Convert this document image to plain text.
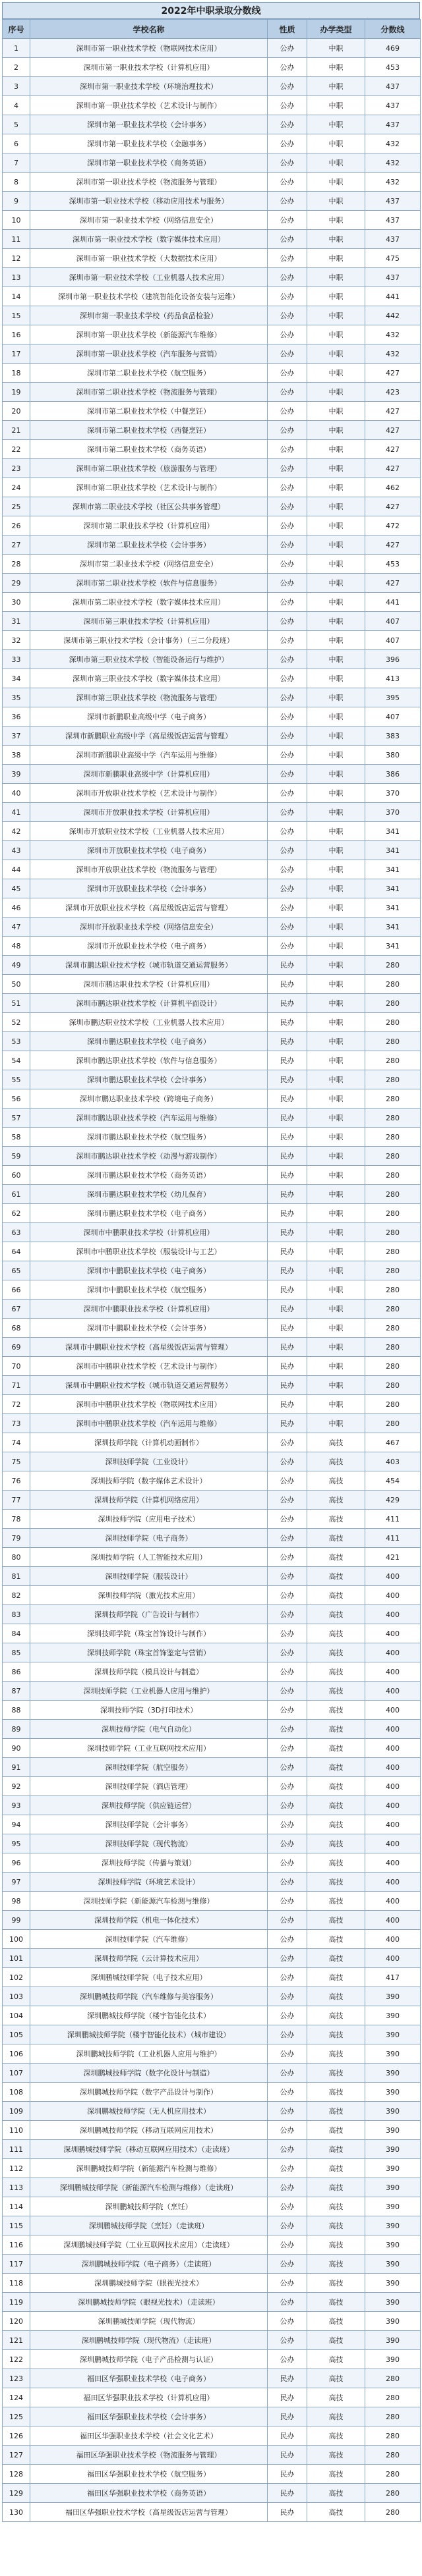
2022年中职录取分数线
序号	学校名称	性质	办学类型	分数线
1	深圳市第一职业技术学校（物联网技术应用）	公办	中职	469
2	深圳市第一职业技术学校（计算机应用）	公办	中职	453
3	深圳市第一职业技术学校（环境治理技术）	公办	中职	437
4	深圳市第一职业技术学校（艺术设计与制作）	公办	中职	437
5	深圳市第一职业技术学校（会计事务）	公办	中职	437
6	深圳市第一职业技术学校（金融事务）	公办	中职	432
7	深圳市第一职业技术学校（商务英语）	公办	中职	432
8	深圳市第一职业技术学校（物流服务与管理）	公办	中职	432
9	深圳市第一职业技术学校（移动应用技术与服务）	公办	中职	437
10	深圳市第一职业技术学校（网络信息安全）	公办	中职	437
11	深圳市第一职业技术学校（数字媒体技术应用）	公办	中职	437
12	深圳市第一职业技术学校（大数据技术应用）	公办	中职	475
13	深圳市第一职业技术学校（工业机器人技术应用）	公办	中职	437
14	深圳市第一职业技术学校（建筑智能化设备安装与运维）	公办	中职	441
15	深圳市第一职业技术学校（药品食品检验）	公办	中职	442
16	深圳市第一职业技术学校（新能源汽车维修）	公办	中职	432
17	深圳市第一职业技术学校（汽车服务与营销）	公办	中职	432
18	深圳市第二职业技术学校（航空服务）	公办	中职	427
19	深圳市第二职业技术学校（物流服务与管理）	公办	中职	423
20	深圳市第二职业技术学校（中餐烹饪）	公办	中职	427
21	深圳市第二职业技术学校（西餐烹饪）	公办	中职	427
22	深圳市第二职业技术学校（商务英语）	公办	中职	427
23	深圳市第二职业技术学校（旅游服务与管理）	公办	中职	427
24	深圳市第二职业技术学校（艺术设计与制作）	公办	中职	462
25	深圳市第二职业技术学校（社区公共事务管理）	公办	中职	427
26	深圳市第二职业技术学校（计算机应用）	公办	中职	472
27	深圳市第二职业技术学校（会计事务）	公办	中职	427
28	深圳市第二职业技术学校（网络信息安全）	公办	中职	453
29	深圳市第二职业技术学校（软件与信息服务）	公办	中职	427
30	深圳市第二职业技术学校（数字媒体技术应用）	公办	中职	441
31	深圳市第三职业技术学校（计算机应用）	公办	中职	407
32	深圳市第三职业技术学校（会计事务）（三二分段班）	公办	中职	407
33	深圳市第三职业技术学校（智能设备运行与维护）	公办	中职	396
34	深圳市第三职业技术学校（数字媒体技术应用）	公办	中职	413
35	深圳市第三职业技术学校（物流服务与管理）	公办	中职	395
36	深圳市新鹏职业高级中学（电子商务）	公办	中职	407
37	深圳市新鹏职业高级中学（高星级饭店运营与管理）	公办	中职	383
38	深圳市新鹏职业高级中学（汽车运用与维修）	公办	中职	380
39	深圳市新鹏职业高级中学（计算机应用）	公办	中职	386
40	深圳市开放职业技术学校（艺术设计与制作）	公办	中职	370
41	深圳市开放职业技术学校（计算机应用）	公办	中职	370
42	深圳市开放职业技术学校（工业机器人技术应用）	公办	中职	341
43	深圳市开放职业技术学校（电子商务）	公办	中职	341
44	深圳市开放职业技术学校（物流服务与管理）	公办	中职	341
45	深圳市开放职业技术学校（会计事务）	公办	中职	341
46	深圳市开放职业技术学校（高星级饭店运营与管理）	公办	中职	341
47	深圳市开放职业技术学校（网络信息安全）	公办	中职	341
48	深圳市开放职业技术学校（电子商务）	公办	中职	341
49	深圳市鹏达职业技术学校（城市轨道交通运营服务）	民办	中职	280
50	深圳市鹏达职业技术学校（计算机应用）	民办	中职	280
51	深圳市鹏达职业技术学校（计算机平面设计）	民办	中职	280
52	深圳市鹏达职业技术学校（工业机器人技术应用）	民办	中职	280
53	深圳市鹏达职业技术学校（电子商务）	民办	中职	280
54	深圳市鹏达职业技术学校（软件与信息服务）	民办	中职	280
55	深圳市鹏达职业技术学校（会计事务）	民办	中职	280
56	深圳市鹏达职业技术学校（跨境电子商务）	民办	中职	280
57	深圳市鹏达职业技术学校（汽车运用与维修）	民办	中职	280
58	深圳市鹏达职业技术学校（航空服务）	民办	中职	280
59	深圳市鹏达职业技术学校（动漫与游戏制作）	民办	中职	280
60	深圳市鹏达职业技术学校（商务英语）	民办	中职	280
61	深圳市鹏达职业技术学校（幼儿保育）	民办	中职	280
62	深圳市鹏达职业技术学校（电子商务）	民办	中职	280
63	深圳市中鹏职业技术学校（计算机应用）	民办	中职	280
64	深圳市中鹏职业技术学校（服装设计与工艺）	民办	中职	280
65	深圳市中鹏职业技术学校（电子商务）	民办	中职	280
66	深圳市中鹏职业技术学校（航空服务）	民办	中职	280
67	深圳市中鹏职业技术学校（计算机应用）	民办	中职	280
68	深圳市中鹏职业技术学校（会计事务）	民办	中职	280
69	深圳市中鹏职业技术学校（高星级饭店运营与管理）	民办	中职	280
70	深圳市中鹏职业技术学校（艺术设计与制作）	民办	中职	280
71	深圳市中鹏职业技术学校（城市轨道交通运营服务）	民办	中职	280
72	深圳市中鹏职业技术学校（物联网技术应用）	民办	中职	280
73	深圳市中鹏职业技术学校（汽车运用与维修）	民办	中职	280
74	深圳技师学院（计算机动画制作）	公办	高技	467
75	深圳技师学院（工业设计）	公办	高技	403
76	深圳技师学院（数字媒体艺术设计）	公办	高技	454
77	深圳技师学院（计算机网络应用）	公办	高技	429
78	深圳技师学院（应用电子技术）	公办	高技	411
79	深圳技师学院（电子商务）	公办	高技	411
80	深圳技师学院（人工智能技术应用）	公办	高技	421
81	深圳技师学院（服装设计）	公办	高技	400
82	深圳技师学院（激光技术应用）	公办	高技	400
83	深圳技师学院（广告设计与制作）	公办	高技	400
84	深圳技师学院（珠宝首饰设计与制作）	公办	高技	400
85	深圳技师学院（珠宝首饰鉴定与营销）	公办	高技	400
86	深圳技师学院（模具设计与制造）	公办	高技	400
87	深圳技师学院（工业机器人应用与维护）	公办	高技	400
88	深圳技师学院（3D打印技术）	公办	高技	400
89	深圳技师学院（电气自动化）	公办	高技	400
90	深圳技师学院（工业互联网技术应用）	公办	高技	400
91	深圳技师学院（航空服务）	公办	高技	400
92	深圳技师学院（酒店管理）	公办	高技	400
93	深圳技师学院（供应链运营）	公办	高技	400
94	深圳技师学院（会计事务）	公办	高技	400
95	深圳技师学院（现代物流）	公办	高技	400
96	深圳技师学院（传播与策划）	公办	高技	400
97	深圳技师学院（环境艺术设计）	公办	高技	400
98	深圳技师学院（新能源汽车检测与维修）	公办	高技	400
99	深圳技师学院（机电一体化技术）	公办	高技	400
100	深圳技师学院（汽车维修）	公办	高技	400
101	深圳技师学院（云计算技术应用）	公办	高技	400
102	深圳鹏城技师学院（电子技术应用）	公办	高技	417
103	深圳鹏城技师学院（汽车维修与美容服务）	公办	高技	390
104	深圳鹏城技师学院（楼宇智能化技术）	公办	高技	390
105	深圳鹏城技师学院（楼宇智能化技术）（城市建设）	公办	高技	390
106	深圳鹏城技师学院（工业机器人应用与维护）	公办	高技	390
107	深圳鹏城技师学院（数字化设计与制造）	公办	高技	390
108	深圳鹏城技师学院（数字产品设计与制作）	公办	高技	390
109	深圳鹏城技师学院（无人机应用技术）	公办	高技	390
110	深圳鹏城技师学院（移动互联网应用技术）	公办	高技	390
111	深圳鹏城技师学院（移动互联网应用技术）（走读班）	公办	高技	390
112	深圳鹏城技师学院（新能源汽车检测与维修）	公办	高技	390
113	深圳鹏城技师学院（新能源汽车检测与维修）（走读班）	公办	高技	390
114	深圳鹏城技师学院（烹饪）	公办	高技	390
115	深圳鹏城技师学院（烹饪）（走读班）	公办	高技	390
116	深圳鹏城技师学院（工业互联网技术应用）（走读班）	公办	高技	390
117	深圳鹏城技师学院（电子商务）（走读班）	公办	高技	390
118	深圳鹏城技师学院（眼视光技术）	公办	高技	390
119	深圳鹏城技师学院（眼视光技术）（走读班）	公办	高技	390
120	深圳鹏城技师学院（现代物流）	公办	高技	390
121	深圳鹏城技师学院（现代物流）（走读班）	公办	高技	390
122	深圳鹏城技师学院（电子产品检测与认证）	公办	高技	390
123	福田区华强职业技术学校（电子商务）	民办	高技	280
124	福田区华强职业技术学校（计算机应用）	民办	高技	280
125	福田区华强职业技术学校（会计事务）	民办	高技	280
126	福田区华强职业技术学校（社会文化艺术）	民办	高技	280
127	福田区华强职业技术学校（物流服务与管理）	民办	高技	280
128	福田区华强职业技术学校（航空服务）	民办	高技	280
129	福田区华强职业技术学校（商务英语）	民办	高技	280
130	福田区华强职业技术学校（高星级饭店运营与管理）	民办	高技	280
